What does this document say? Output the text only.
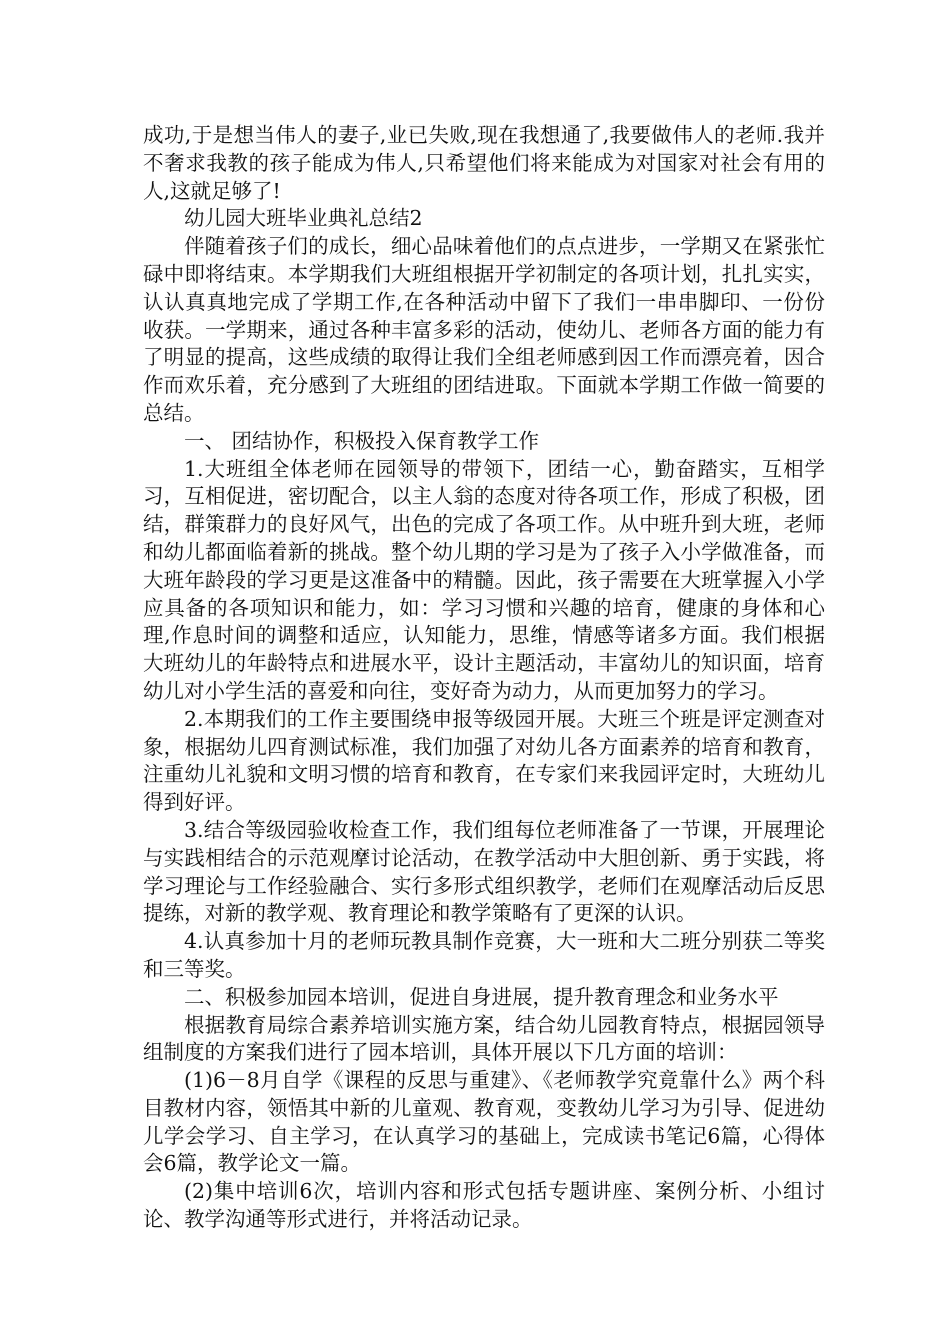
成功,于是想当伟人的妻子,业已失败,现在我想通了,我要做伟人的老师.我并不奢求我教的孩子能成为伟人,只希望他们将来能成为对国家对社会有用的人,这就足够了!

幼儿园大班毕业典礼总结2

伴随着孩子们的成长，细心品味着他们的点点进步，一学期又在紧张忙碌中即将结束。本学期我们大班组根据开学初制定的各项计划，扎扎实实，认认真真地完成了学期工作,在各种活动中留下了我们一串串脚印、一份份收获。一学期来，通过各种丰富多彩的活动，使幼儿、老师各方面的能力有了明显的提高，这些成绩的取得让我们全组老师感到因工作而漂亮着，因合作而欢乐着，充分感到了大班组的团结进取。下面就本学期工作做一简要的总结。

一、 团结协作，积极投入保育教学工作

1.大班组全体老师在园领导的带领下，团结一心，勤奋踏实，互相学习，互相促进，密切配合，以主人翁的态度对待各项工作，形成了积极，团结，群策群力的良好风气，出色的完成了各项工作。从中班升到大班，老师和幼儿都面临着新的挑战。整个幼儿期的学习是为了孩子入小学做准备，而大班年龄段的学习更是这准备中的精髓。因此，孩子需要在大班掌握入小学应具备的各项知识和能力，如：学习习惯和兴趣的培育，健康的身体和心理,作息时间的调整和适应，认知能力，思维，情感等诸多方面。我们根据大班幼儿的年龄特点和进展水平，设计主题活动，丰富幼儿的知识面，培育幼儿对小学生活的喜爱和向往，变好奇为动力，从而更加努力的学习。

2.本期我们的工作主要围绕申报等级园开展。大班三个班是评定测查对象，根据幼儿四育测试标准，我们加强了对幼儿各方面素养的培育和教育，注重幼儿礼貌和文明习惯的培育和教育，在专家们来我园评定时，大班幼儿得到好评。

3.结合等级园验收检查工作，我们组每位老师准备了一节课，开展理论与实践相结合的示范观摩讨论活动，在教学活动中大胆创新、勇于实践，将学习理论与工作经验融合、实行多形式组织教学，老师们在观摩活动后反思提练，对新的教学观、教育理论和教学策略有了更深的认识。

4.认真参加十月的老师玩教具制作竞赛，大一班和大二班分别获二等奖和三等奖。

二、积极参加园本培训，促进自身进展，提升教育理念和业务水平

根据教育局综合素养培训实施方案，结合幼儿园教育特点，根据园领导组制度的方案我们进行了园本培训，具体开展以下几方面的培训：

(1)6－8月自学《课程的反思与重建》、《老师教学究竟靠什么》两个科目教材内容，领悟其中新的儿童观、教育观，变教幼儿学习为引导、促进幼儿学会学习、自主学习，在认真学习的基础上，完成读书笔记6篇，心得体会6篇，教学论文一篇。

(2)集中培训6次，培训内容和形式包括专题讲座、案例分析、小组讨论、教学沟通等形式进行，并将活动记录。
